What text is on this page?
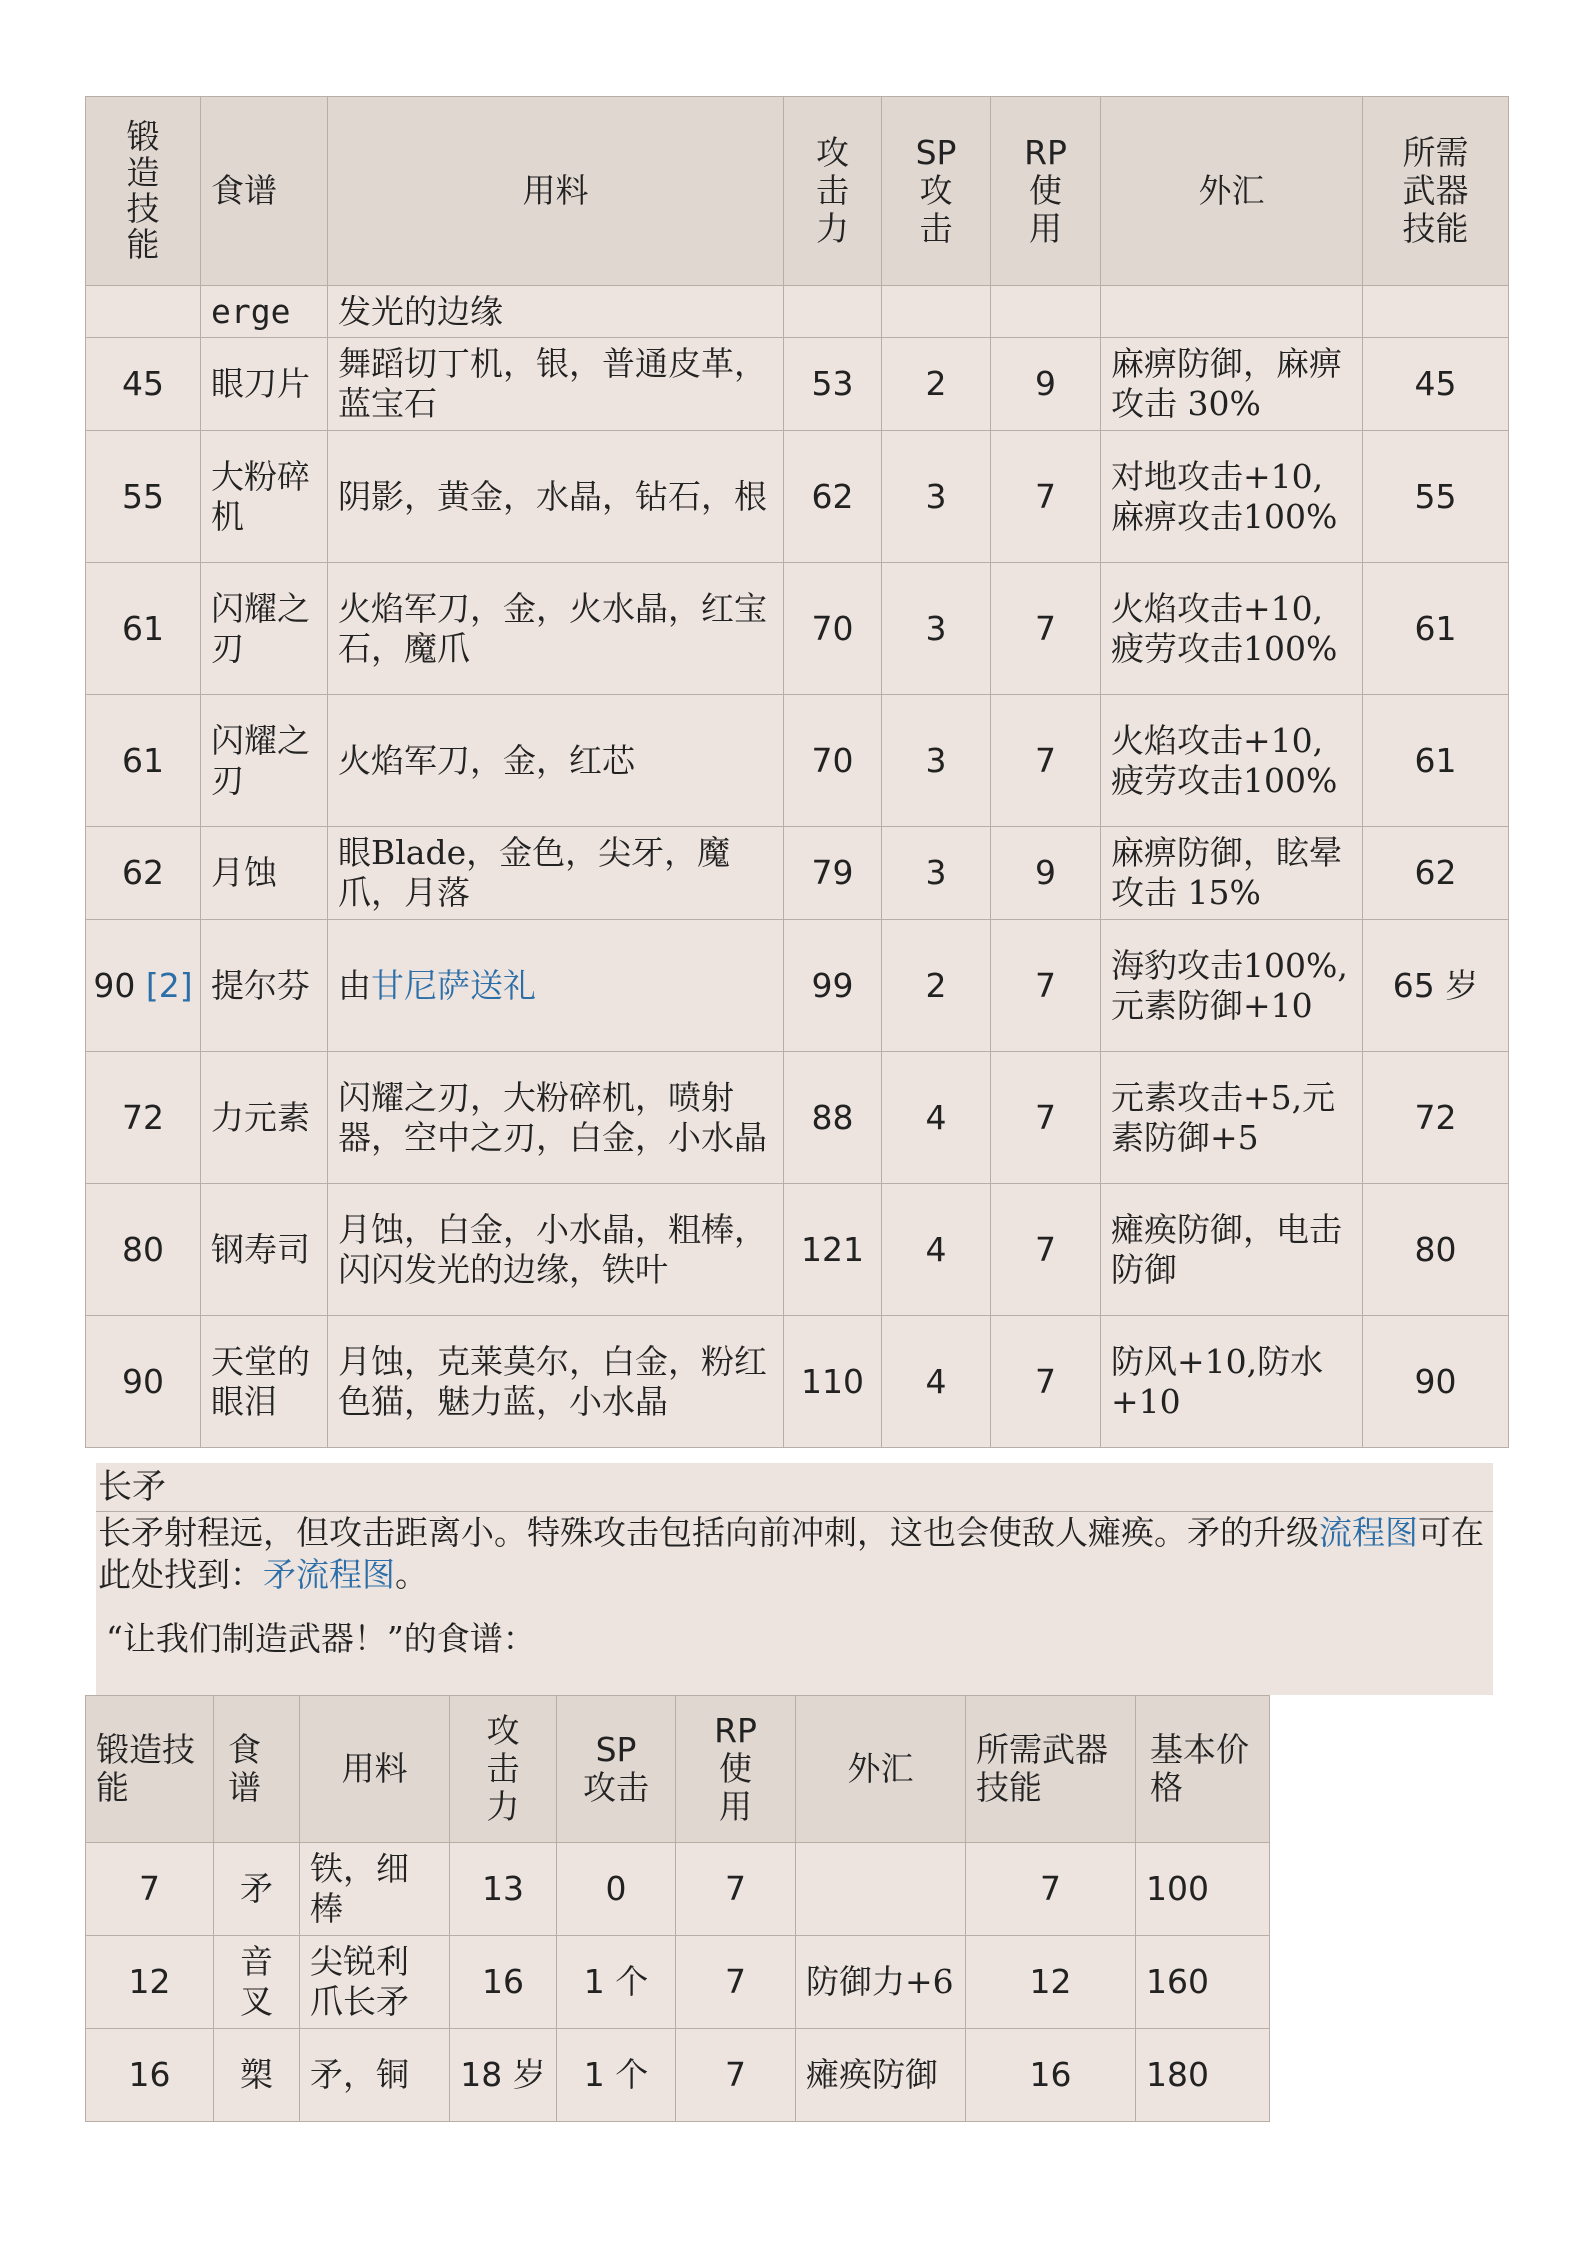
锻造技能	食谱	用料	攻击力	SP攻击	RP使用	外汇	所需武器技能
	erge	发光的边缘					
45	眼刀片	舞蹈切丁机，银，普通皮革，蓝宝石	53	2	9	麻痹防御，麻痹攻击 30%	45
55	大粉碎机	阴影，黄金，水晶，钻石，根	62	3	7	对地攻击+10,麻痹攻击100%	55
61	闪耀之刃	火焰军刀，金，火水晶，红宝石，魔爪	70	3	7	火焰攻击+10,疲劳攻击100%	61
61	闪耀之刃	火焰军刀，金，红芯	70	3	7	火焰攻击+10,疲劳攻击100%	61
62	月蚀	眼Blade，金色，尖牙，魔爪，月落	79	3	9	麻痹防御，眩晕攻击 15%	62
90 [2]	提尔芬	由甘尼萨送礼	99	2	7	海豹攻击100%,元素防御+10	65 岁
72	力元素	闪耀之刃，大粉碎机，喷射器，空中之刃，白金，小水晶	88	4	7	元素攻击+5,元素防御+5	72
80	钢寿司	月蚀，白金，小水晶，粗棒，闪闪发光的边缘，铁叶	121	4	7	瘫痪防御，电击防御	80
90	天堂的眼泪	月蚀，克莱莫尔，白金，粉红色猫，魅力蓝，小水晶	110	4	7	防风+10,防水+10	90
长矛

长矛射程远，但攻击距离小。特殊攻击包括向前冲刺，这也会使敌人瘫痪。矛的升级流程图可在此处找到：矛流程图。

“让我们制造武器！”的食谱：

锻造技能	食谱	用料	攻击力	SP攻击	RP使用	外汇	所需武器技能	基本价格
7	矛	铁，细棒	13	0	7		7	100
12	音叉	尖锐利爪长矛	16	1 个	7	防御力+6	12	160
16	槊	矛，铜	18 岁	1 个	7	瘫痪防御	16	180
